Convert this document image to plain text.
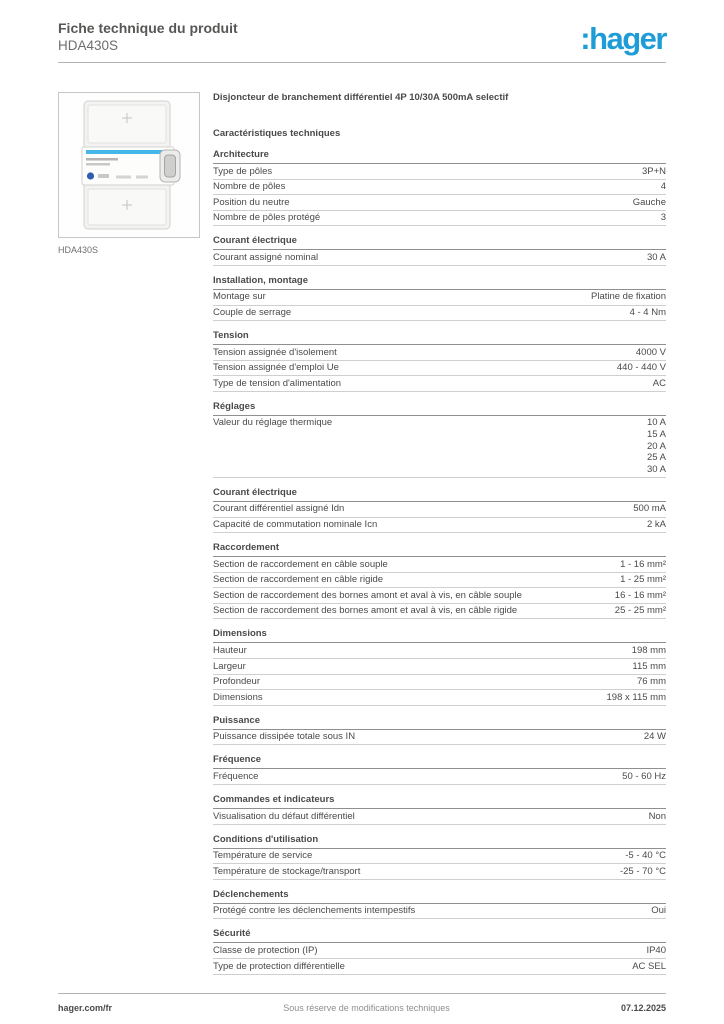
Fiche technique du produit
HDA430S	:hager
HDA430S
Disjoncteur de branchement différentiel 4P 10/30A 500mA selectif
Caractéristiques techniques
Architecture
Type de pôles	3P+N
Nombre de pôles	4
Position du neutre	Gauche
Nombre de pôles protégé	3
Courant électrique
Courant assigné nominal	30 A
Installation, montage
Montage sur	Platine de fixation
Couple de serrage	4 - 4 Nm
Tension
Tension assignée d'isolement	4000 V
Tension assignée d'emploi Ue	440 - 440 V
Type de tension d'alimentation	AC
Réglages
Valeur du réglage thermique	10 A
15 A
20 A
25 A
30 A
Courant électrique
Courant différentiel assigné Idn	500 mA
Capacité de commutation nominale Icn	2 kA
Raccordement
Section de raccordement en câble souple	1 - 16 mm²
Section de raccordement en câble rigide	1 - 25 mm²
Section de raccordement des bornes amont et aval à vis, en câble souple	16 - 16 mm²
Section de raccordement des bornes amont et aval à vis, en câble rigide	25 - 25 mm²
Dimensions
Hauteur	198 mm
Largeur	115 mm
Profondeur	76 mm
Dimensions	198 x 115 mm
Puissance
Puissance dissipée totale sous IN	24 W
Fréquence
Fréquence	50 - 60 Hz
Commandes et indicateurs
Visualisation du défaut différentiel	Non
Conditions d'utilisation
Température de service	-5 - 40 °C
Température de stockage/transport	-25 - 70 °C
Déclenchements
Protégé contre les déclenchements intempestifs	Oui
Sécurité
Classe de protection (IP)	IP40
Type de protection différentielle	AC SEL
hager.com/fr	Sous réserve de modifications techniques	07.12.2025
